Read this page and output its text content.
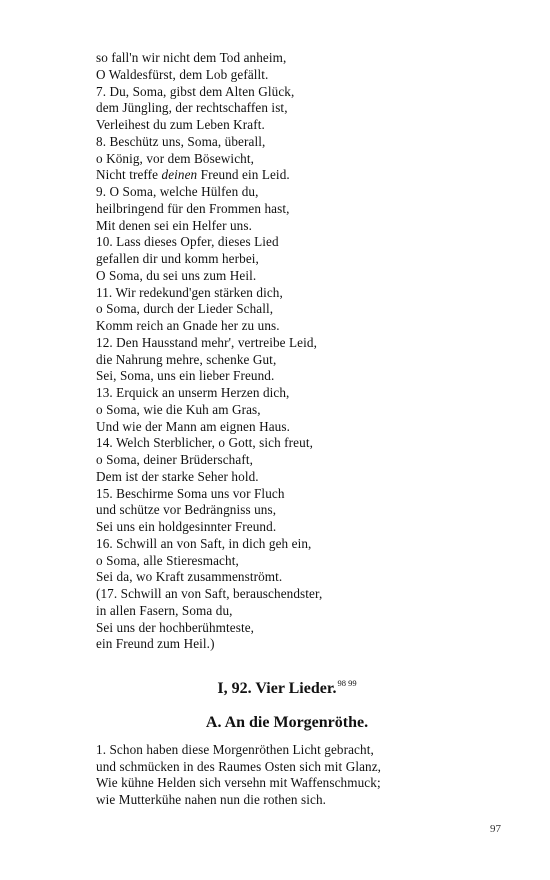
so fall'n wir nicht dem Tod anheim,
O Waldesfürst, dem Lob gefällt.
7. Du, Soma, gibst dem Alten Glück,
dem Jüngling, der rechtschaffen ist,
Verleihest du zum Leben Kraft.
8. Beschütz uns, Soma, überall,
o König, vor dem Bösewicht,
Nicht treffe deinen Freund ein Leid.
9. O Soma, welche Hülfen du,
heilbringend für den Frommen hast,
Mit denen sei ein Helfer uns.
10. Lass dieses Opfer, dieses Lied
gefallen dir und komm herbei,
O Soma, du sei uns zum Heil.
11. Wir redekund'gen stärken dich,
o Soma, durch der Lieder Schall,
Komm reich an Gnade her zu uns.
12. Den Hausstand mehr', vertreibe Leid,
die Nahrung mehre, schenke Gut,
Sei, Soma, uns ein lieber Freund.
13. Erquick an unserm Herzen dich,
o Soma, wie die Kuh am Gras,
Und wie der Mann am eignen Haus.
14. Welch Sterblicher, o Gott, sich freut,
o Soma, deiner Brüderschaft,
Dem ist der starke Seher hold.
15. Beschirme Soma uns vor Fluch
und schütze vor Bedrängniss uns,
Sei uns ein holdgesinnter Freund.
16. Schwill an von Saft, in dich geh ein,
o Soma, alle Stieresmacht,
Sei da, wo Kraft zusammenströmt.
(17. Schwill an von Saft, berauschendster,
in allen Fasern, Soma du,
Sei uns der hochberühmteste,
ein Freund zum Heil.)
I, 92. Vier Lieder.$^{98 99}$
A. An die Morgenröthe.
1. Schon haben diese Morgenröthen Licht gebracht,
und schmücken in des Raumes Osten sich mit Glanz,
Wie kühne Helden sich versehn mit Waffenschmuck;
wie Mutterkühe nahen nun die rothen sich.
97
